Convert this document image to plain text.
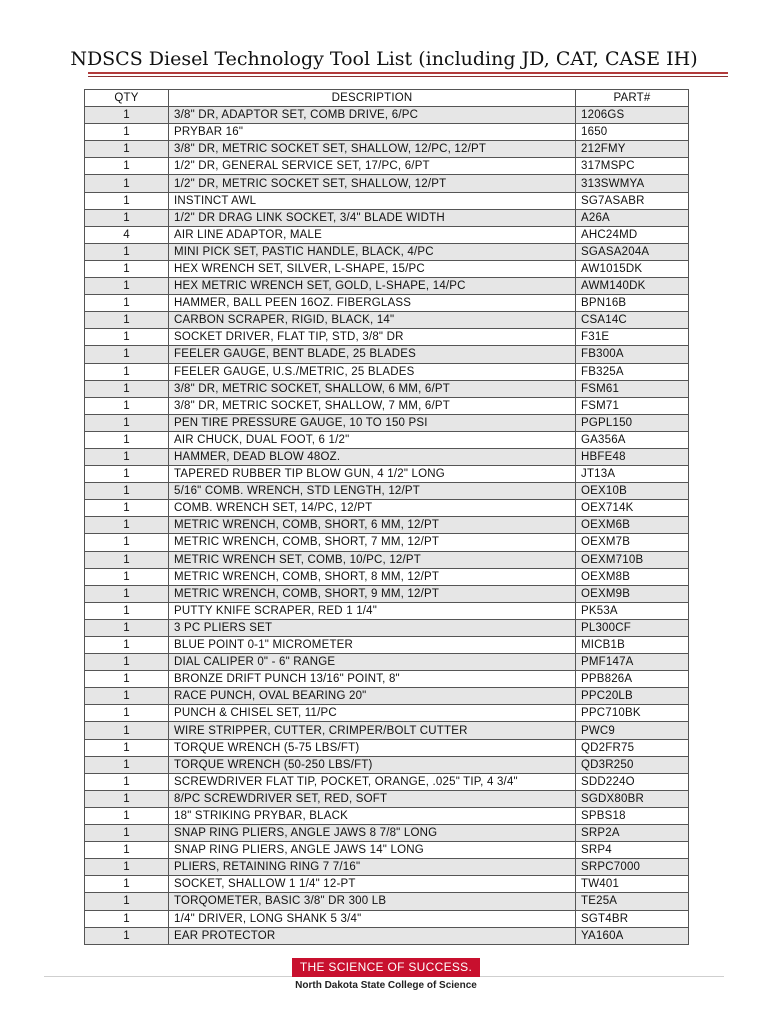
NDSCS Diesel Technology Tool List (including JD, CAT, CASE IH)
QTY	DESCRIPTION	PART#
1	3/8" DR, ADAPTOR SET, COMB DRIVE, 6/PC	1206GS
1	PRYBAR 16"	1650
1	3/8" DR, METRIC SOCKET SET, SHALLOW, 12/PC, 12/PT	212FMY
1	1/2" DR, GENERAL SERVICE SET, 17/PC, 6/PT	317MSPC
1	1/2" DR, METRIC SOCKET SET, SHALLOW, 12/PT	313SWMYA
1	INSTINCT AWL	SG7ASABR
1	1/2" DR DRAG LINK SOCKET, 3/4" BLADE WIDTH	A26A
4	AIR LINE ADAPTOR, MALE	AHC24MD
1	MINI PICK SET, PASTIC HANDLE, BLACK, 4/PC	SGASA204A
1	HEX WRENCH SET, SILVER, L-SHAPE, 15/PC	AW1015DK
1	HEX METRIC WRENCH SET, GOLD, L-SHAPE, 14/PC	AWM140DK
1	HAMMER, BALL PEEN 16OZ. FIBERGLASS	BPN16B
1	CARBON SCRAPER, RIGID, BLACK, 14"	CSA14C
1	SOCKET DRIVER, FLAT TIP, STD, 3/8" DR	F31E
1	FEELER GAUGE, BENT BLADE, 25 BLADES	FB300A
1	FEELER GAUGE, U.S./METRIC, 25 BLADES	FB325A
1	3/8" DR, METRIC SOCKET, SHALLOW, 6 MM, 6/PT	FSM61
1	3/8" DR, METRIC SOCKET, SHALLOW, 7 MM, 6/PT	FSM71
1	PEN TIRE PRESSURE GAUGE, 10 TO 150 PSI	PGPL150
1	AIR CHUCK, DUAL FOOT, 6 1/2"	GA356A
1	HAMMER, DEAD BLOW 48OZ.	HBFE48
1	TAPERED RUBBER TIP BLOW GUN, 4 1/2" LONG	JT13A
1	5/16" COMB. WRENCH, STD LENGTH, 12/PT	OEX10B
1	COMB. WRENCH SET, 14/PC, 12/PT	OEX714K
1	METRIC WRENCH, COMB, SHORT, 6 MM, 12/PT	OEXM6B
1	METRIC WRENCH, COMB, SHORT, 7 MM, 12/PT	OEXM7B
1	METRIC WRENCH SET, COMB, 10/PC, 12/PT	OEXM710B
1	METRIC WRENCH, COMB, SHORT, 8 MM, 12/PT	OEXM8B
1	METRIC WRENCH, COMB, SHORT, 9 MM, 12/PT	OEXM9B
1	PUTTY KNIFE SCRAPER, RED 1 1/4"	PK53A
1	3 PC PLIERS SET	PL300CF
1	BLUE POINT 0-1" MICROMETER	MICB1B
1	DIAL CALIPER 0" - 6" RANGE	PMF147A
1	BRONZE DRIFT PUNCH 13/16" POINT, 8"	PPB826A
1	RACE PUNCH, OVAL BEARING 20"	PPC20LB
1	PUNCH & CHISEL SET, 11/PC	PPC710BK
1	WIRE STRIPPER, CUTTER, CRIMPER/BOLT CUTTER	PWC9
1	TORQUE WRENCH (5-75 LBS/FT)	QD2FR75
1	TORQUE WRENCH (50-250 LBS/FT)	QD3R250
1	SCREWDRIVER FLAT TIP, POCKET, ORANGE, .025" TIP, 4 3/4"	SDD224O
1	8/PC SCREWDRIVER SET, RED, SOFT	SGDX80BR
1	18" STRIKING PRYBAR, BLACK	SPBS18
1	SNAP RING PLIERS, ANGLE JAWS 8 7/8" LONG	SRP2A
1	SNAP RING PLIERS, ANGLE JAWS 14" LONG	SRP4
1	PLIERS, RETAINING RING 7 7/16"	SRPC7000
1	SOCKET, SHALLOW 1 1/4" 12-PT	TW401
1	TORQOMETER, BASIC 3/8" DR 300 LB	TE25A
1	1/4" DRIVER, LONG SHANK 5 3/4"	SGT4BR
1	EAR PROTECTOR	YA160A
THE SCIENCE OF SUCCESS.
North Dakota State College of Science
